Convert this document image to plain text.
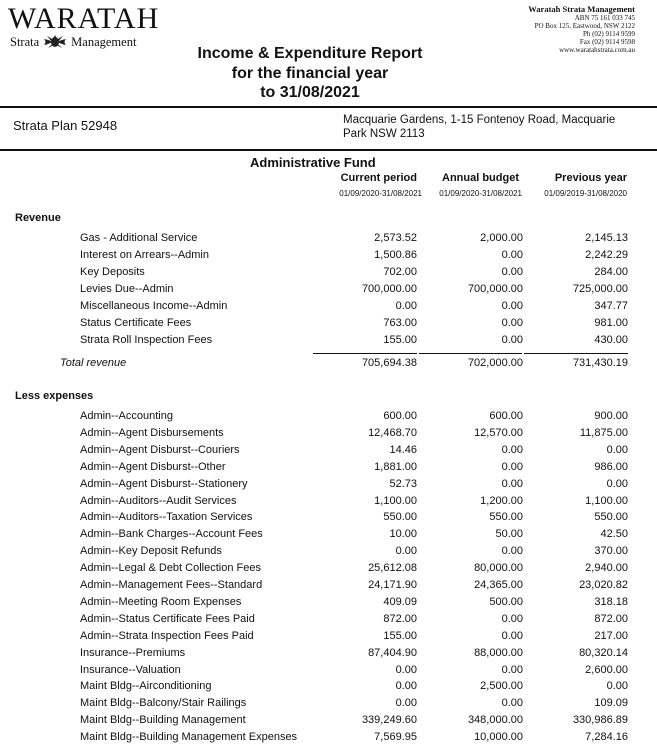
WARATAH
Strata	Management
Waratah Strata Management
ABN 75 161 033 745
PO Box 125, Eastwood, NSW 2122
Ph (02) 9114 9599
Fax (02) 9114 9598
www.waratahstrata.com.au
Income & Expenditure Report
for the financial year
to 31/08/2021
Strata Plan 52948	Macquarie Gardens, 1-15 Fontenoy Road, Macquarie
Park NSW 2113
Administrative Fund
Current period	Annual budget	Previous year
01/09/2020-31/08/2021	01/09/2020-31/08/2021	01/09/2019-31/08/2020
Revenue
Gas - Additional Service	2,573.52	2,000.00	2,145.13
Interest on Arrears--Admin	1,500.86	0.00	2,242.29
Key Deposits	702.00	0.00	284.00
Levies Due--Admin	700,000.00	700,000.00	725,000.00
Miscellaneous Income--Admin	0.00	0.00	347.77
Status Certificate Fees	763.00	0.00	981.00
Strata Roll Inspection Fees	155.00	0.00	430.00
Total revenue	705,694.38	702,000.00	731,430.19
Less expenses
Admin--Accounting	600.00	600.00	900.00
Admin--Agent Disbursements	12,468.70	12,570.00	11,875.00
Admin--Agent Disburst--Couriers	14.46	0.00	0.00
Admin--Agent Disburst--Other	1,881.00	0.00	986.00
Admin--Agent Disburst--Stationery	52.73	0.00	0.00
Admin--Auditors--Audit Services	1,100.00	1,200.00	1,100.00
Admin--Auditors--Taxation Services	550.00	550.00	550.00
Admin--Bank Charges--Account Fees	10.00	50.00	42.50
Admin--Key Deposit Refunds	0.00	0.00	370.00
Admin--Legal & Debt Collection Fees	25,612.08	80,000.00	2,940.00
Admin--Management Fees--Standard	24,171.90	24,365.00	23,020.82
Admin--Meeting Room Expenses	409.09	500.00	318.18
Admin--Status Certificate Fees Paid	872.00	0.00	872.00
Admin--Strata Inspection Fees Paid	155.00	0.00	217.00
Insurance--Premiums	87,404.90	88,000.00	80,320.14
Insurance--Valuation	0.00	0.00	2,600.00
Maint Bldg--Airconditioning	0.00	2,500.00	0.00
Maint Bldg--Balcony/Stair Railings	0.00	0.00	109.09
Maint Bldg--Building Management	339,249.60	348,000.00	330,986.89
Maint Bldg--Building Management Expenses	7,569.95	10,000.00	7,284.16
